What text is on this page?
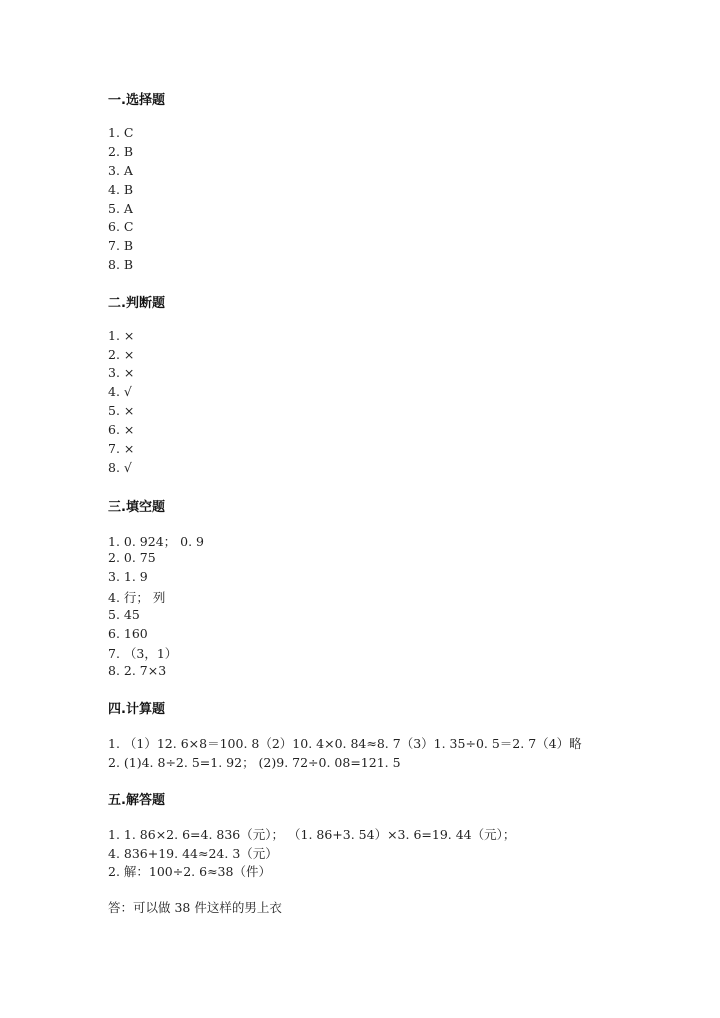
一.选择题
1. C
2. B
3. A
4. B
5. A
6. C
7. B
8. B
二.判断题
1. ×
2. ×
3. ×
4. √
5. ×
6. ×
7. ×
8. √
三.填空题
1. 0. 924； 0. 9
2. 0. 75
3. 1. 9
4. 行； 列
5. 45
6. 160
7. （3，1）
8. 2. 7×3
四.计算题
1. （1）12. 6×8＝100. 8（2）10. 4×0. 84≈8. 7（3）1. 35÷0. 5＝2. 7（4）略
2. (1)4. 8÷2. 5=1. 92； (2)9. 72÷0. 08=121. 5
五.解答题
1. 1. 86×2. 6=4. 836（元）； （1. 86+3. 54）×3. 6=19. 44（元）；
4. 836+19. 44≈24. 3（元）
2. 解：100÷2. 6≈38（件）
答：可以做 38 件这样的男上衣
